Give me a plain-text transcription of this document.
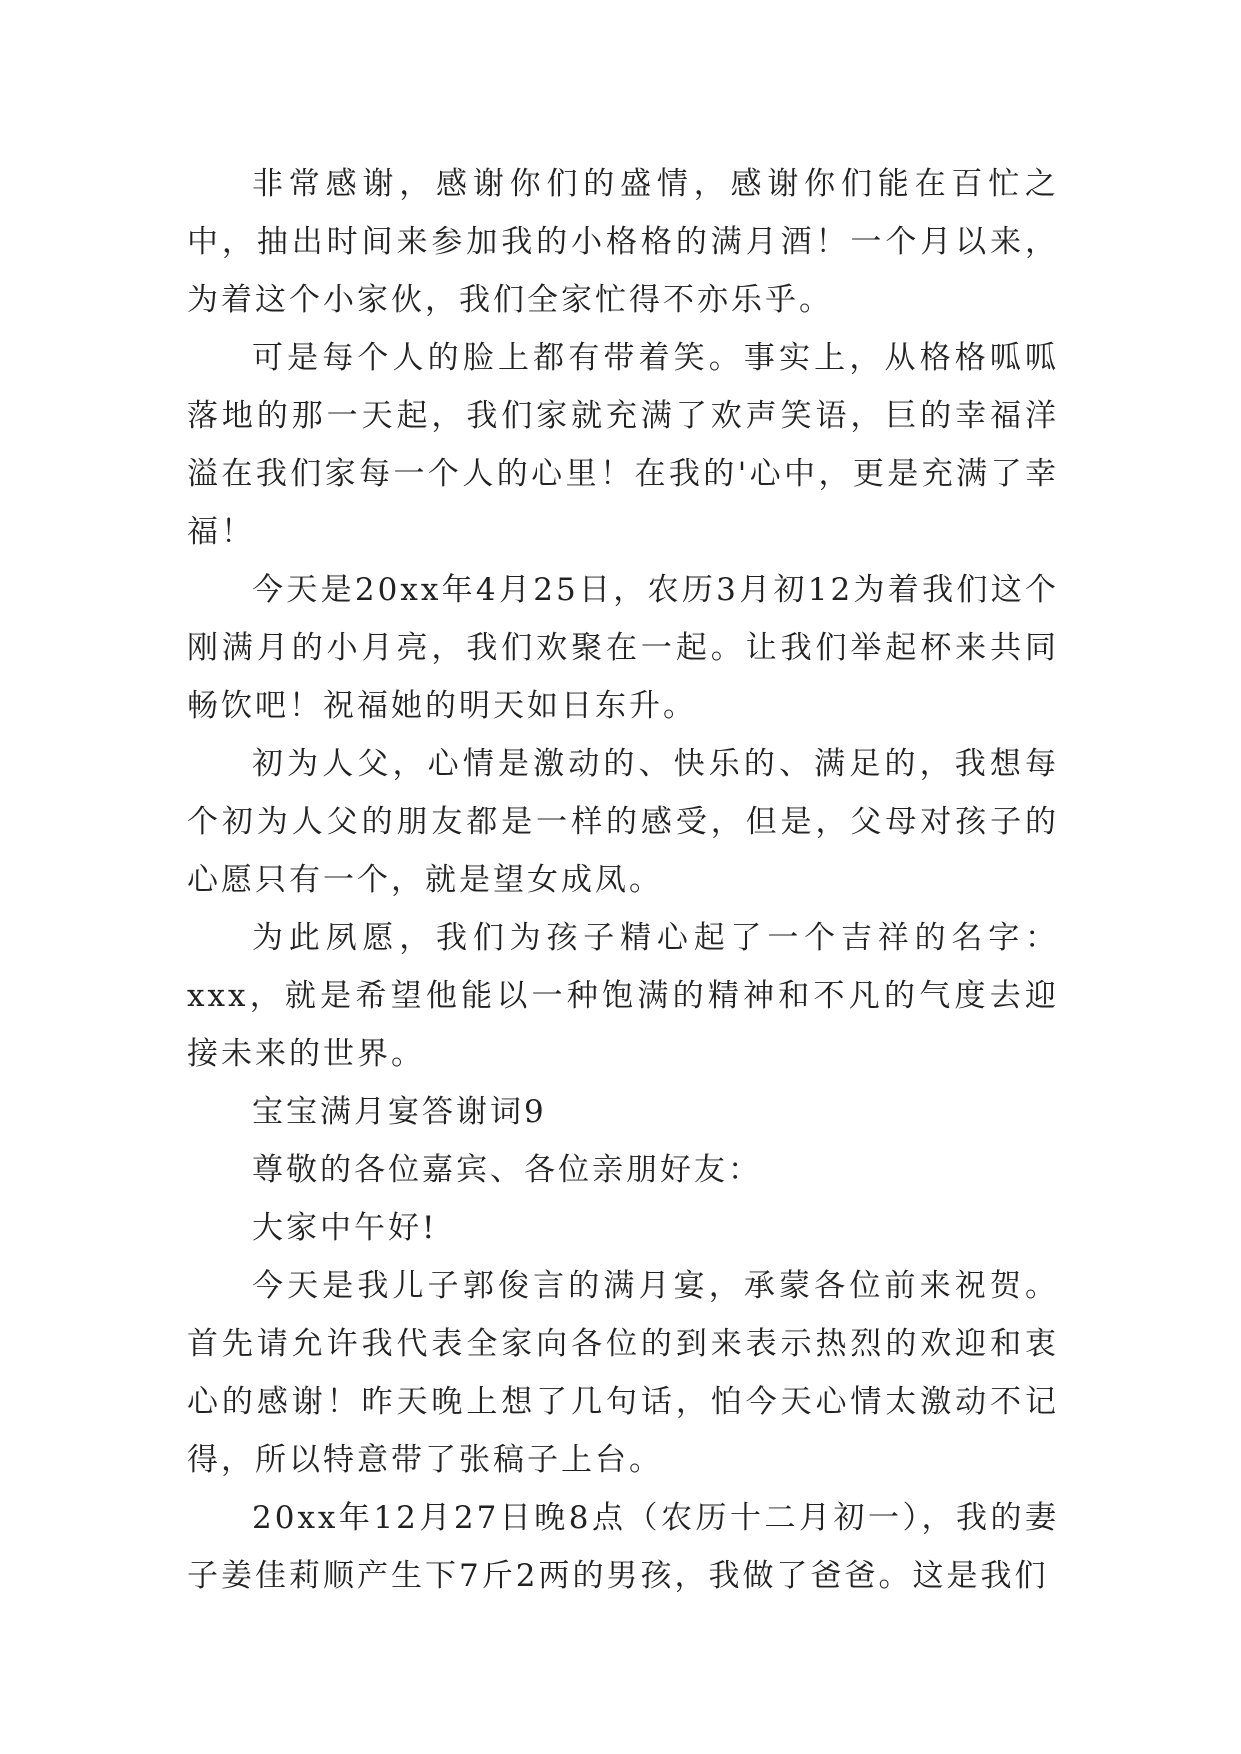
非常感谢，感谢你们的盛情，感谢你们能在百忙之中，抽出时间来参加我的小格格的满月酒！一个月以来，为着这个小家伙，我们全家忙得不亦乐乎。

可是每个人的脸上都有带着笑。事实上，从格格呱呱落地的那一天起，我们家就充满了欢声笑语，巨的幸福洋溢在我们家每一个人的心里！在我的'心中，更是充满了幸福！

今天是20xx年4月25日，农历3月初12为着我们这个刚满月的小月亮，我们欢聚在一起。让我们举起杯来共同畅饮吧！祝福她的明天如日东升。

初为人父，心情是激动的、快乐的、满足的，我想每个初为人父的朋友都是一样的感受，但是，父母对孩子的心愿只有一个，就是望女成凤。

为此夙愿，我们为孩子精心起了一个吉祥的名字：xxx，就是希望他能以一种饱满的精神和不凡的气度去迎接未来的世界。

宝宝满月宴答谢词9

尊敬的各位嘉宾、各位亲朋好友：

大家中午好!

今天是我儿子郭俊言的满月宴，承蒙各位前来祝贺。首先请允许我代表全家向各位的到来表示热烈的欢迎和衷心的感谢！昨天晚上想了几句话，怕今天心情太激动不记得，所以特意带了张稿子上台。

20xx年12月27日晚8点（农历十二月初一），我的妻子姜佳莉顺产生下7斤2两的男孩，我做了爸爸。这是我们
